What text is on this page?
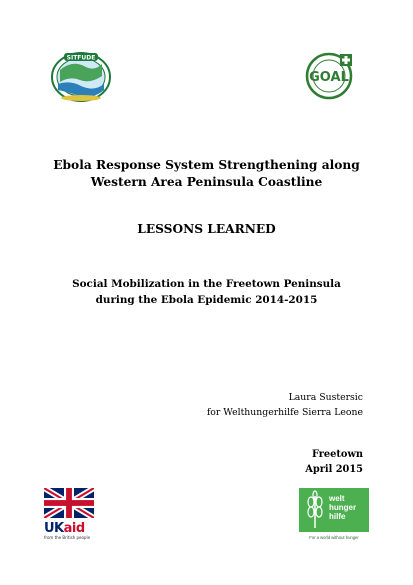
SITFUDE
GOAL
Ebola Response System Strengthening along
Western Area Peninsula Coastline
LESSONS LEARNED
Social Mobilization in the Freetown Peninsula
during the Ebola Epidemic 2014-2015
Laura Sustersic
for Welthungerhilfe Sierra Leone
Freetown
April 2015
UKaid
from the British people
welt
hunger
hilfe
For a world without hunger
